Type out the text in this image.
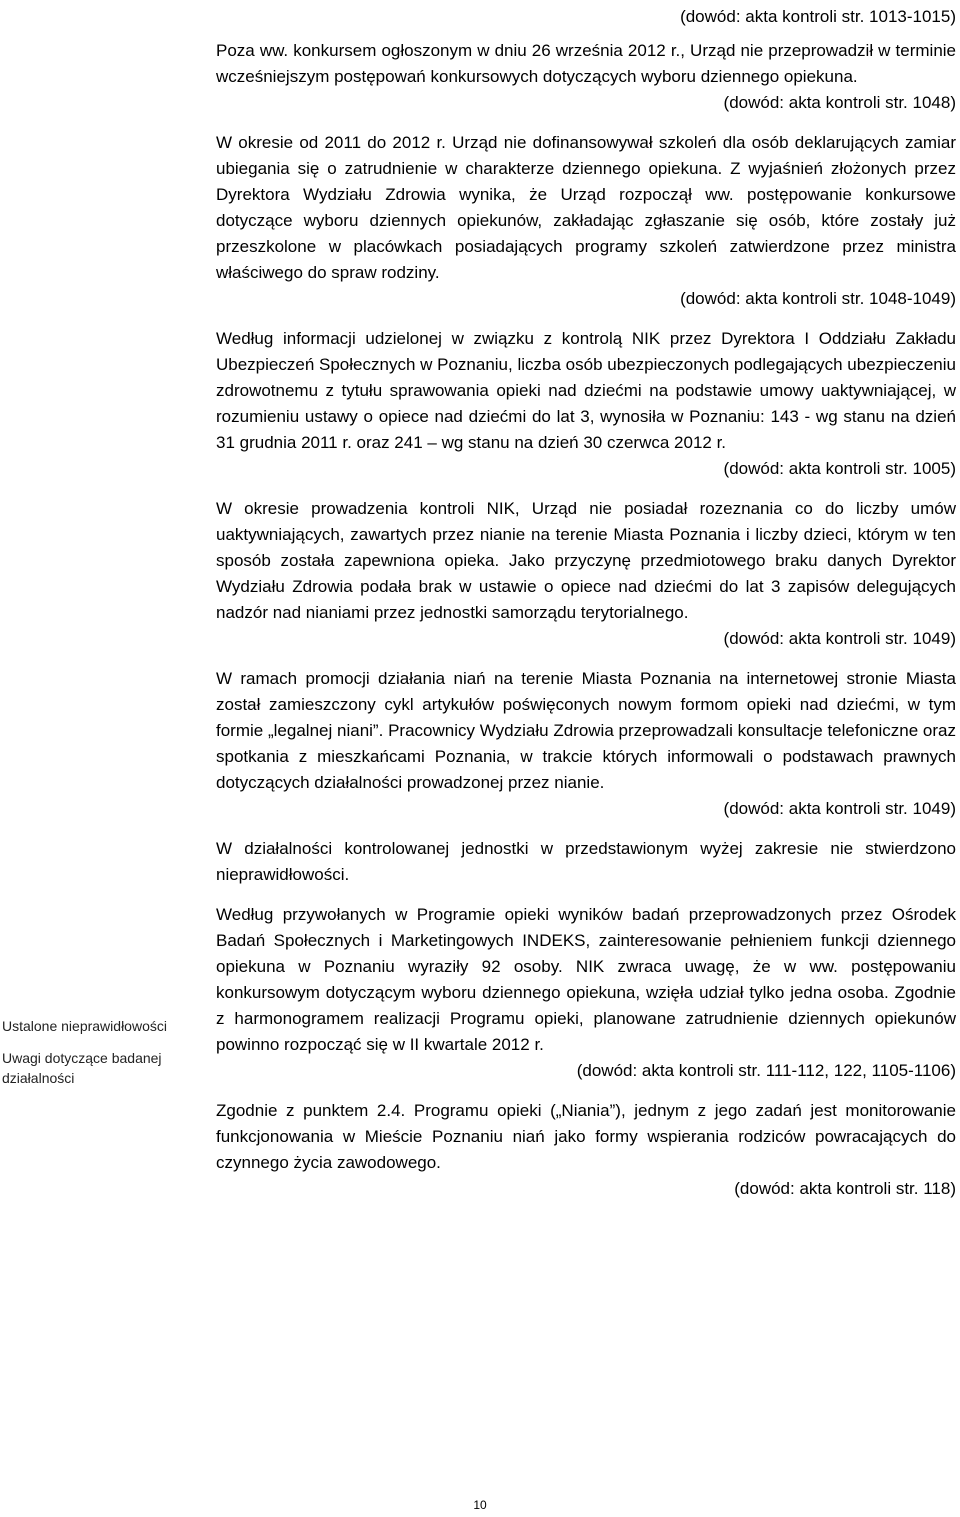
Ustalone nieprawidłowości

Uwagi dotyczące badanej działalności

(dowód: akta kontroli str. 1013-1015)

Poza ww. konkursem ogłoszonym w dniu 26 września 2012 r., Urząd nie przeprowadził w terminie wcześniejszym postępowań konkursowych dotyczących wyboru dziennego opiekuna.

(dowód: akta kontroli str. 1048)

W okresie od 2011 do 2012 r. Urząd nie dofinansowywał szkoleń dla osób deklarujących zamiar ubiegania się o zatrudnienie w charakterze dziennego opiekuna. Z wyjaśnień złożonych przez Dyrektora Wydziału Zdrowia wynika, że Urząd rozpoczął ww. postępowanie konkursowe dotyczące wyboru dziennych opiekunów, zakładając zgłaszanie się osób, które zostały już przeszkolone w placówkach posiadających programy szkoleń zatwierdzone przez ministra właściwego do spraw rodziny.

(dowód: akta kontroli str. 1048-1049)

Według informacji udzielonej w związku z kontrolą NIK przez Dyrektora I Oddziału Zakładu Ubezpieczeń Społecznych w Poznaniu, liczba osób ubezpieczonych podlegających ubezpieczeniu zdrowotnemu z tytułu sprawowania opieki nad dziećmi na podstawie umowy uaktywniającej, w rozumieniu ustawy o opiece nad dziećmi do lat 3, wynosiła w Poznaniu: 143 - wg stanu na dzień 31 grudnia 2011 r. oraz 241 – wg stanu na dzień 30 czerwca 2012 r.

(dowód: akta kontroli str. 1005)

W okresie prowadzenia kontroli NIK, Urząd nie posiadał rozeznania co do liczby umów uaktywniających, zawartych przez nianie na terenie Miasta Poznania i liczby dzieci, którym w ten sposób została zapewniona opieka. Jako przyczynę przedmiotowego braku danych Dyrektor Wydziału Zdrowia podała brak w ustawie o opiece nad dziećmi do lat 3 zapisów delegujących nadzór nad nianiami przez jednostki samorządu terytorialnego.

(dowód: akta kontroli str. 1049)

W ramach promocji działania niań na terenie Miasta Poznania na internetowej stronie Miasta został zamieszczony cykl artykułów poświęconych nowym formom opieki nad dziećmi, w tym formie „legalnej niani”. Pracownicy Wydziału Zdrowia przeprowadzali konsultacje telefoniczne oraz spotkania z mieszkańcami Poznania, w trakcie których informowali o podstawach prawnych dotyczących działalności prowadzonej przez nianie.

(dowód: akta kontroli str. 1049)

W działalności kontrolowanej jednostki w przedstawionym wyżej zakresie nie stwierdzono nieprawidłowości.

Według przywołanych w Programie opieki wyników badań przeprowadzonych przez Ośrodek Badań Społecznych i Marketingowych INDEKS, zainteresowanie pełnieniem funkcji dziennego opiekuna w Poznaniu wyraziły 92 osoby. NIK zwraca uwagę, że w ww. postępowaniu konkursowym dotyczącym wyboru dziennego opiekuna, wzięła udział tylko jedna osoba. Zgodnie z harmonogramem realizacji Programu opieki, planowane zatrudnienie dziennych opiekunów powinno rozpocząć się w II kwartale 2012 r.

(dowód: akta kontroli str. 111-112, 122, 1105-1106)

Zgodnie z punktem 2.4. Programu opieki („Niania”), jednym z jego zadań jest monitorowanie funkcjonowania w Mieście Poznaniu niań jako formy wspierania rodziców powracających do czynnego życia zawodowego.

(dowód: akta kontroli str. 118)

10
